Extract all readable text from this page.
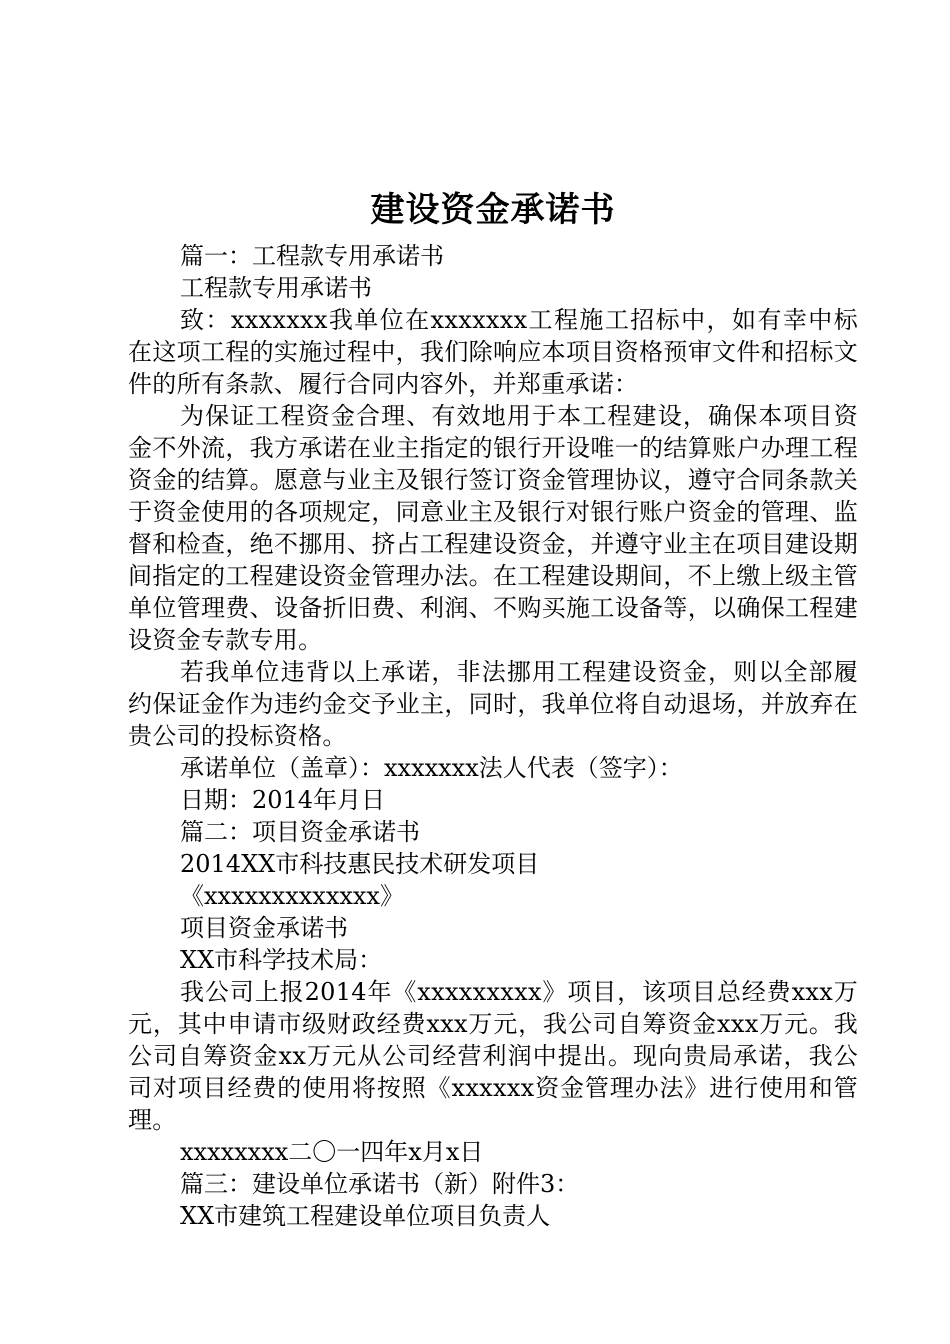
建设资金承诺书

篇一：工程款专用承诺书

工程款专用承诺书

致：xxxxxxx我单位在xxxxxxx工程施工招标中，如有幸中标在这项工程的实施过程中，我们除响应本项目资格预审文件和招标文件的所有条款、履行合同内容外，并郑重承诺：

为保证工程资金合理、有效地用于本工程建设，确保本项目资金不外流，我方承诺在业主指定的银行开设唯一的结算账户办理工程资金的结算。愿意与业主及银行签订资金管理协议，遵守合同条款关于资金使用的各项规定，同意业主及银行对银行账户资金的管理、监督和检查，绝不挪用、挤占工程建设资金，并遵守业主在项目建设期间指定的工程建设资金管理办法。在工程建设期间，不上缴上级主管单位管理费、设备折旧费、利润、不购买施工设备等，以确保工程建设资金专款专用。

若我单位违背以上承诺，非法挪用工程建设资金，则以全部履约保证金作为违约金交予业主，同时，我单位将自动退场，并放弃在贵公司的投标资格。

承诺单位（盖章）：xxxxxxx法人代表（签字）：

日期：2014年月日

篇二：项目资金承诺书

2014XX市科技惠民技术研发项目

《xxxxxxxxxxxxx》

项目资金承诺书

XX市科学技术局：

我公司上报2014年《xxxxxxxxx》项目，该项目总经费xxx万元，其中申请市级财政经费xxx万元，我公司自筹资金xxx万元。我公司自筹资金xx万元从公司经营利润中提出。现向贵局承诺，我公司对项目经费的使用将按照《xxxxxx资金管理办法》进行使用和管理。

xxxxxxxx二〇一四年x月x日

篇三：建设单位承诺书（新）附件3：

XX市建筑工程建设单位项目负责人
